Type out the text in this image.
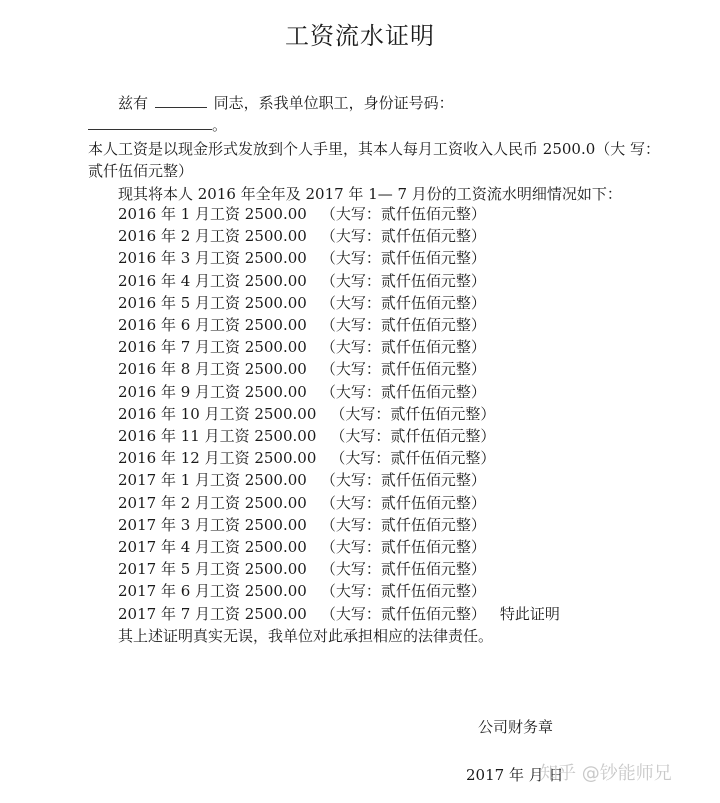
工资流水证明
兹有	同志，系我单位职工，身份证号码：
。
本人工资是以现金形式发放到个人手里，其本人每月工资收入人民币 2500.0（大 写：
贰仟伍佰元整）
现其将本人 2016 年全年及 2017 年 1— 7 月份的工资流水明细情况如下：
2016 年 1 月工资 2500.00 （大写：贰仟伍佰元整）
2016 年 2 月工资 2500.00 （大写：贰仟伍佰元整）
2016 年 3 月工资 2500.00 （大写：贰仟伍佰元整）
2016 年 4 月工资 2500.00 （大写：贰仟伍佰元整）
2016 年 5 月工资 2500.00 （大写：贰仟伍佰元整）
2016 年 6 月工资 2500.00 （大写：贰仟伍佰元整）
2016 年 7 月工资 2500.00 （大写：贰仟伍佰元整）
2016 年 8 月工资 2500.00 （大写：贰仟伍佰元整）
2016 年 9 月工资 2500.00 （大写：贰仟伍佰元整）
2016 年 10 月工资 2500.00 （大写：贰仟伍佰元整）
2016 年 11 月工资 2500.00 （大写：贰仟伍佰元整）
2016 年 12 月工资 2500.00 （大写：贰仟伍佰元整）
2017 年 1 月工资 2500.00 （大写：贰仟伍佰元整）
2017 年 2 月工资 2500.00 （大写：贰仟伍佰元整）
2017 年 3 月工资 2500.00 （大写：贰仟伍佰元整）
2017 年 4 月工资 2500.00 （大写：贰仟伍佰元整）
2017 年 5 月工资 2500.00 （大写：贰仟伍佰元整）
2017 年 6 月工资 2500.00 （大写：贰仟伍佰元整）
2017 年 7 月工资 2500.00 （大写：贰仟伍佰元整） 特此证明
其上述证明真实无误，我单位对此承担相应的法律责任。
公司财务章
2017 年 月 日
知乎 @钞能师兄
